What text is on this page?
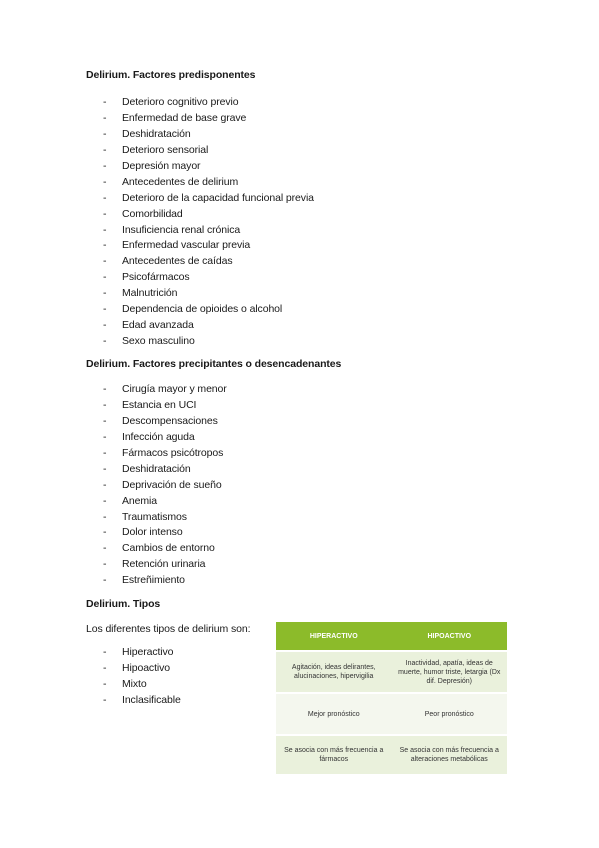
Delirium. Factores predisponentes
- Deterioro cognitivo previo
- Enfermedad de base grave
- Deshidratación
- Deterioro sensorial
- Depresión mayor
- Antecedentes de delirium
- Deterioro de la capacidad funcional previa
- Comorbilidad
- Insuficiencia renal crónica
- Enfermedad vascular previa
- Antecedentes de caídas
- Psicofármacos
- Malnutrición
- Dependencia de opioides o alcohol
- Edad avanzada
- Sexo masculino
Delirium. Factores precipitantes o desencadenantes
- Cirugía mayor y menor
- Estancia en UCI
- Descompensaciones
- Infección aguda
- Fármacos psicótropos
- Deshidratación
- Deprivación de sueño
- Anemia
- Traumatismos
- Dolor intenso
- Cambios de entorno
- Retención urinaria
- Estreñimiento
Delirium. Tipos
Los diferentes tipos de delirium son:
- Hiperactivo
- Hipoactivo
- Mixto
- Inclasificable
HIPERACTIVO	HIPOACTIVO
Agitación, ideas delirantes, alucinaciones, hipervigilia	Inactividad, apatía, ideas de muerte, humor triste, letargia (Dx dif. Depresión)
Mejor pronóstico	Peor pronóstico
Se asocia con más frecuencia a fármacos	Se asocia con más frecuencia a alteraciones metabólicas
